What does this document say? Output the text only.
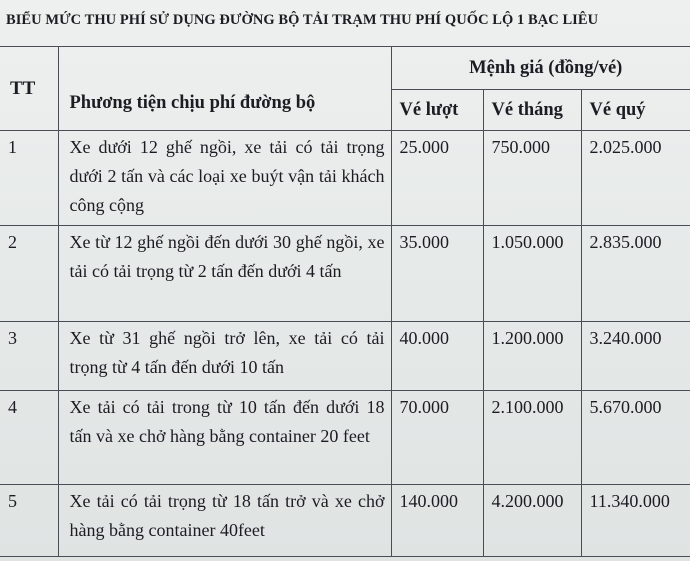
BIỂU MỨC THU PHÍ SỬ DỤNG ĐƯỜNG BỘ TẢI TRẠM THU PHÍ QUỐC LỘ 1 BẠC LIÊU
TT	Phương tiện chịu phí đường bộ	Mệnh giá (đồng/vé)		
		Vé lượt	Vé tháng	Vé quý
1	Xe dưới 12 ghế ngồi, xe tải có tải trọng dưới 2 tấn và các loại xe buýt vận tải khách công cộng	25.000	750.000	2.025.000
2	Xe từ 12 ghế ngồi đến dưới 30 ghế ngồi, xe tải có tải trọng từ 2 tấn đến dưới 4 tấn	35.000	1.050.000	2.835.000
3	Xe từ 31 ghế ngồi trở lên, xe tải có tải trọng từ 4 tấn đến dưới 10 tấn	40.000	1.200.000	3.240.000
4	Xe tải có tải trong từ 10 tấn đến dưới 18 tấn và xe chở hàng bằng container 20 feet	70.000	2.100.000	5.670.000
5	Xe tải có tải trọng từ 18 tấn trở và xe chở hàng bằng container 40feet	140.000	4.200.000	11.340.000
